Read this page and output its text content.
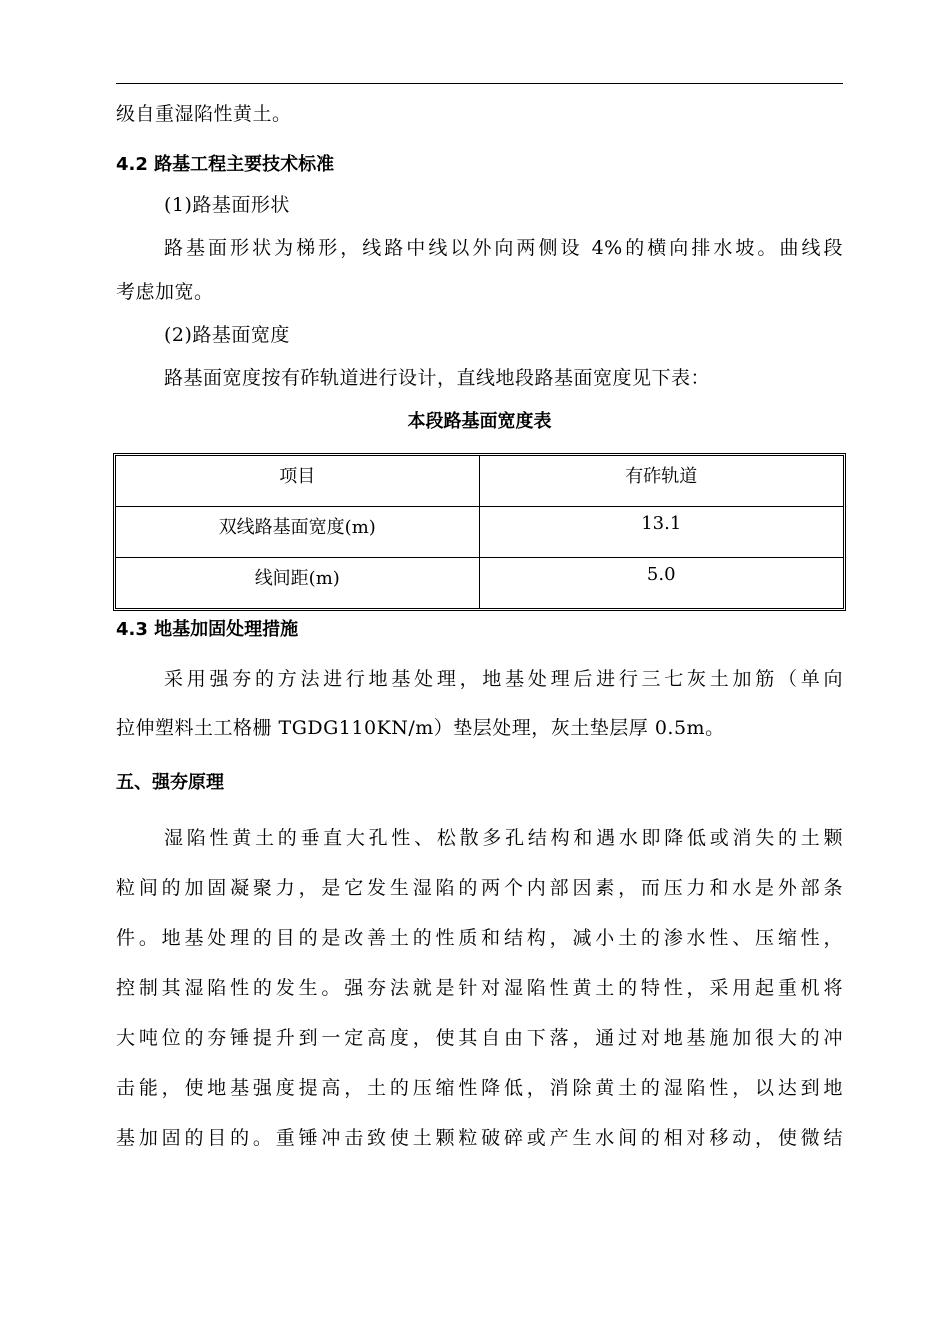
级自重湿陷性黄土。
4.2 路基工程主要技术标准
(1)路基面形状
路基面形状为梯形，线路中线以外向两侧设 4%的横向排水坡。曲线段
考虑加宽。
(2)路基面宽度
路基面宽度按有砟轨道进行设计，直线地段路基面宽度见下表：
本段路基面宽度表
项目	有砟轨道
双线路基面宽度(m)	13.1
线间距(m)	5.0
4.3 地基加固处理措施
采用强夯的方法进行地基处理，地基处理后进行三七灰土加筋（单向
拉伸塑料土工格栅 TGDG110KN/m）垫层处理，灰土垫层厚 0.5m。
五、强夯原理
湿陷性黄土的垂直大孔性、松散多孔结构和遇水即降低或消失的土颗
粒间的加固凝聚力，是它发生湿陷的两个内部因素，而压力和水是外部条
件。地基处理的目的是改善土的性质和结构，减小土的渗水性、压缩性，
控制其湿陷性的发生。强夯法就是针对湿陷性黄土的特性，采用起重机将
大吨位的夯锤提升到一定高度，使其自由下落，通过对地基施加很大的冲
击能，使地基强度提高，土的压缩性降低，消除黄土的湿陷性，以达到地
基加固的目的。重锤冲击致使土颗粒破碎或产生水间的相对移动，使微结
